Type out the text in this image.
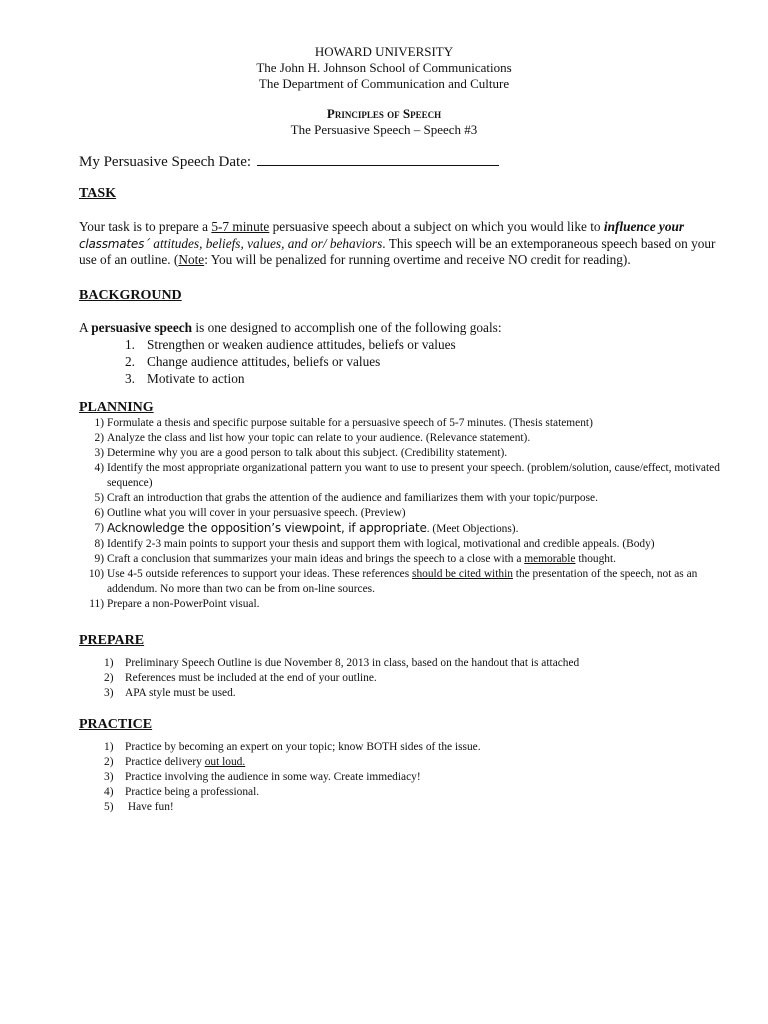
HOWARD UNIVERSITY
The John H. Johnson School of Communications
The Department of Communication and Culture
Principles of Speech
The Persuasive Speech – Speech #3
My Persuasive Speech Date:
TASK
Your task is to prepare a 5-7 minute persuasive speech about a subject on which you would like to influence your
classmates´ attitudes, beliefs, values, and or/ behaviors. This speech will be an extemporaneous speech based on your use of an outline. (Note: You will be penalized for running overtime and receive NO credit for reading).
BACKGROUND
A persuasive speech is one designed to accomplish one of the following goals:
1. Strengthen or weaken audience attitudes, beliefs or values
2. Change audience attitudes, beliefs or values
3. Motivate to action
PLANNING
1) Formulate a thesis and specific purpose suitable for a persuasive speech of 5-7 minutes. (Thesis statement)
2) Analyze the class and list how your topic can relate to your audience. (Relevance statement).
3) Determine why you are a good person to talk about this subject. (Credibility statement).
4) Identify the most appropriate organizational pattern you want to use to present your speech. (problem/solution, cause/effect, motivated sequence)
5) Craft an introduction that grabs the attention of the audience and familiarizes them with your topic/purpose.
6) Outline what you will cover in your persuasive speech. (Preview)
7) Acknowledge the opposition’s viewpoint, if appropriate. (Meet Objections).
8) Identify 2-3 main points to support your thesis and support them with logical, motivational and credible appeals. (Body)
9) Craft a conclusion that summarizes your main ideas and brings the speech to a close with a memorable thought.
10) Use 4-5 outside references to support your ideas. These references should be cited within the presentation of the speech, not as an addendum. No more than two can be from on-line sources.
11) Prepare a non-PowerPoint visual.
PREPARE
1) Preliminary Speech Outline is due November 8, 2013 in class, based on the handout that is attached
2) References must be included at the end of your outline.
3) APA style must be used.
PRACTICE
1) Practice by becoming an expert on your topic; know BOTH sides of the issue.
2) Practice delivery out loud.
3) Practice involving the audience in some way. Create immediacy!
4) Practice being a professional.
5) Have fun!
